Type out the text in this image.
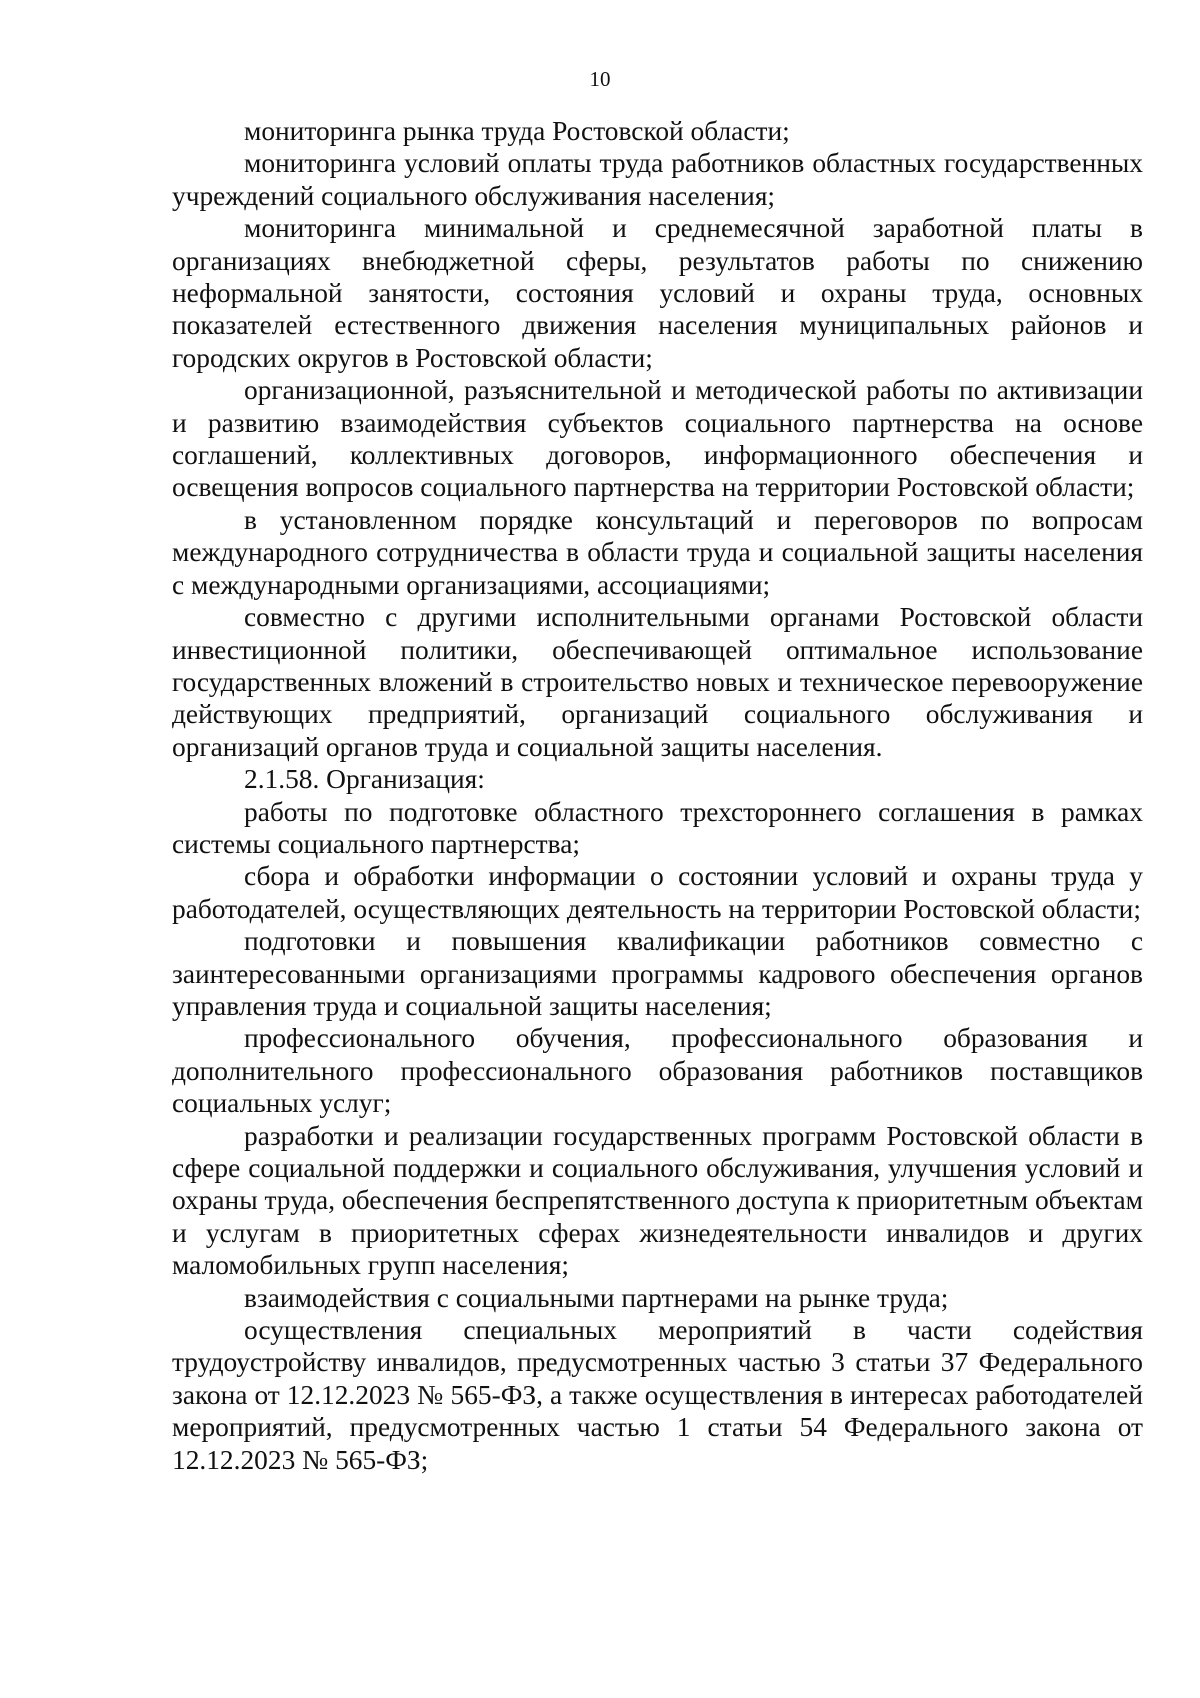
10

мониторинга рынка труда Ростовской области;

мониторинга условий оплаты труда работников областных государственных учреждений социального обслуживания населения;

мониторинга минимальной и среднемесячной заработной платы в организациях внебюджетной сферы, результатов работы по снижению неформальной занятости, состояния условий и охраны труда, основных показателей естественного движения населения муниципальных районов и городских округов в Ростовской области;

организационной, разъяснительной и методической работы по активизации и развитию взаимодействия субъектов социального партнерства на основе соглашений, коллективных договоров, информационного обеспечения и освещения вопросов социального партнерства на территории Ростовской области;

в установленном порядке консультаций и переговоров по вопросам международного сотрудничества в области труда и социальной защиты населения с международными организациями, ассоциациями;

совместно с другими исполнительными органами Ростовской области инвестиционной политики, обеспечивающей оптимальное использование государственных вложений в строительство новых и техническое перевооружение действующих предприятий, организаций социального обслуживания и организаций органов труда и социальной защиты населения.

2.1.58. Организация:

работы по подготовке областного трехстороннего соглашения в рамках системы социального партнерства;

сбора и обработки информации о состоянии условий и охраны труда у работодателей, осуществляющих деятельность на территории Ростовской области;

подготовки и повышения квалификации работников совместно с заинтересованными организациями программы кадрового обеспечения органов управления труда и социальной защиты населения;

профессионального обучения, профессионального образования и дополнительного профессионального образования работников поставщиков социальных услуг;

разработки и реализации государственных программ Ростовской области в сфере социальной поддержки и социального обслуживания, улучшения условий и охраны труда, обеспечения беспрепятственного доступа к приоритетным объектам и услугам в приоритетных сферах жизнедеятельности инвалидов и других маломобильных групп населения;

взаимодействия с социальными партнерами на рынке труда;

осуществления специальных мероприятий в части содействия трудоустройству инвалидов, предусмотренных частью 3 статьи 37 Федерального закона от 12.12.2023 № 565-ФЗ, а также осуществления в интересах работодателей мероприятий, предусмотренных частью 1 статьи 54 Федерального закона от 12.12.2023 № 565-ФЗ;
